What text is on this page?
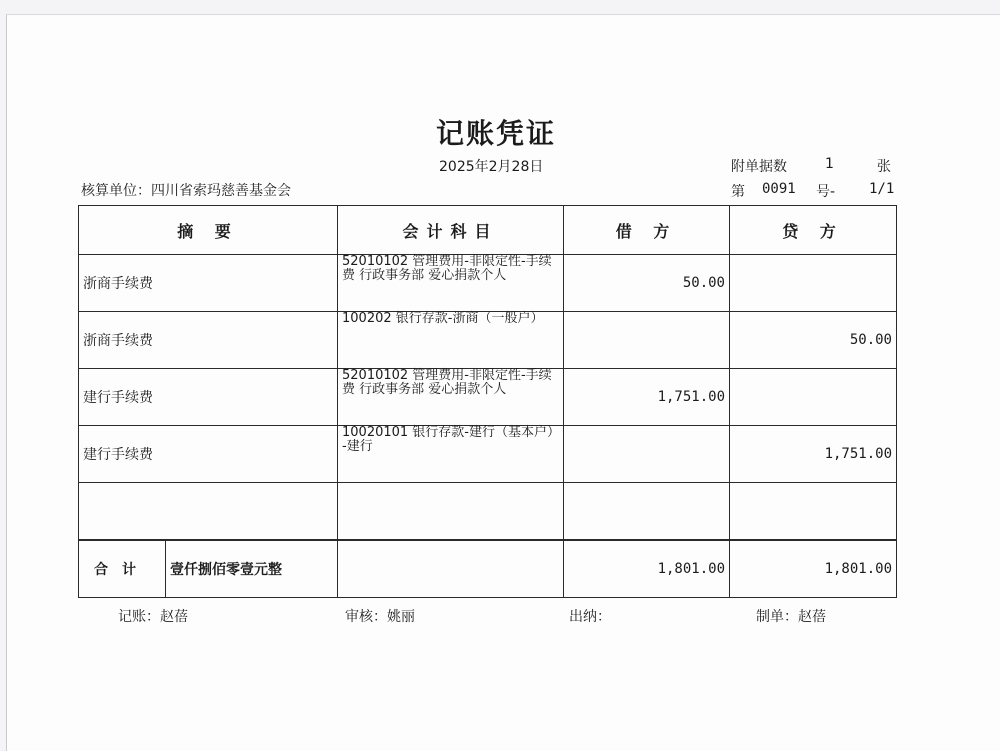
记账凭证
2025年2月28日
核算单位：四川省索玛慈善基金会
附单据数	1	张
第 0091 号- 1/1
摘 要	会计科目	借 方	贷 方
浙商手续费	52010102 管理费用-非限定性-手续费 行政事务部 爱心捐款个人	50.00	
浙商手续费	100202 银行存款-浙商（一般户）		50.00
建行手续费	52010102 管理费用-非限定性-手续费 行政事务部 爱心捐款个人	1,751.00	
建行手续费	10020101 银行存款-建行（基本户）-建行		1,751.00

合计 壹仟捌佰零壹元整		1,801.00	1,801.00
记账：赵蓓	审核：姚丽	出纳：	制单：赵蓓
